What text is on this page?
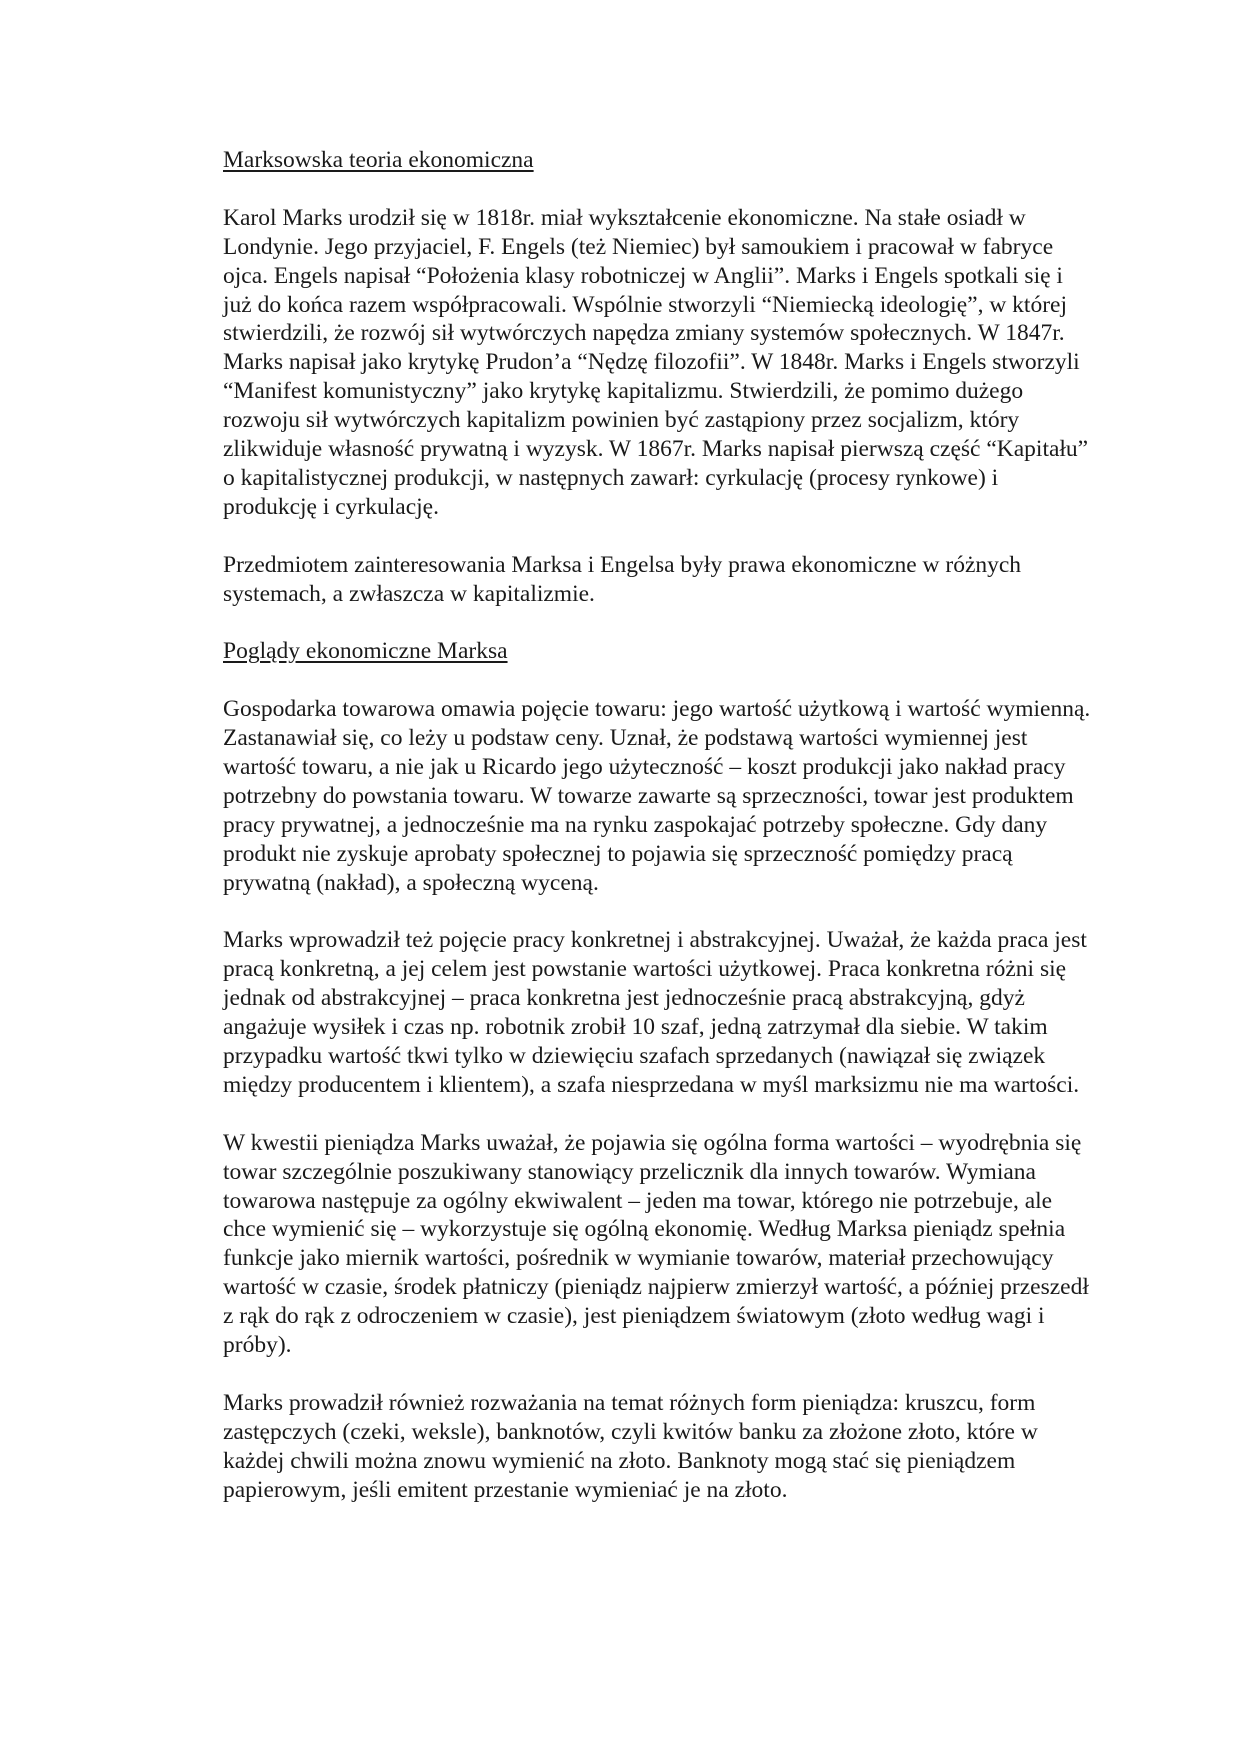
Marksowska teoria ekonomiczna

Karol Marks urodził się w 1818r. miał wykształcenie ekonomiczne. Na stałe osiadł w Londynie. Jego przyjaciel, F. Engels (też Niemiec) był samoukiem i pracował w fabryce ojca. Engels napisał “Położenia klasy robotniczej w Anglii”. Marks i Engels spotkali się i już do końca razem współpracowali. Wspólnie stworzyli “Niemiecką ideologię”, w której stwierdzili, że rozwój sił wytwórczych napędza zmiany systemów społecznych. W 1847r. Marks napisał jako krytykę Prudon’a “Nędzę filozofii”. W 1848r. Marks i Engels stworzyli “Manifest komunistyczny” jako krytykę kapitalizmu. Stwierdzili, że pomimo dużego rozwoju sił wytwórczych kapitalizm powinien być zastąpiony przez socjalizm, który zlikwiduje własność prywatną i wyzysk. W 1867r. Marks napisał pierwszą część “Kapitału” o kapitalistycznej produkcji, w następnych zawarł: cyrkulację (procesy rynkowe) i produkcję i cyrkulację.

Przedmiotem zainteresowania Marksa i Engelsa były prawa ekonomiczne w różnych systemach, a zwłaszcza w kapitalizmie.

Poglądy ekonomiczne Marksa

Gospodarka towarowa omawia pojęcie towaru: jego wartość użytkową i wartość wymienną. Zastanawiał się, co leży u podstaw ceny. Uznał, że podstawą wartości wymiennej jest wartość towaru, a nie jak u Ricardo jego użyteczność – koszt produkcji jako nakład pracy potrzebny do powstania towaru. W towarze zawarte są sprzeczności, towar jest produktem pracy prywatnej, a jednocześnie ma na rynku zaspokajać potrzeby społeczne. Gdy dany produkt nie zyskuje aprobaty społecznej to pojawia się sprzeczność pomiędzy pracą prywatną (nakład), a społeczną wyceną.

Marks wprowadził też pojęcie pracy konkretnej i abstrakcyjnej. Uważał, że każda praca jest pracą konkretną, a jej celem jest powstanie wartości użytkowej. Praca konkretna różni się jednak od abstrakcyjnej – praca konkretna jest jednocześnie pracą abstrakcyjną, gdyż angażuje wysiłek i czas np. robotnik zrobił 10 szaf, jedną zatrzymał dla siebie. W takim przypadku wartość tkwi tylko w dziewięciu szafach sprzedanych (nawiązał się związek między producentem i klientem), a szafa niesprzedana w myśl marksizmu nie ma wartości.

W kwestii pieniądza Marks uważał, że pojawia się ogólna forma wartości – wyodrębnia się towar szczególnie poszukiwany stanowiący przelicznik dla innych towarów. Wymiana towarowa następuje za ogólny ekwiwalent – jeden ma towar, którego nie potrzebuje, ale chce wymienić się – wykorzystuje się ogólną ekonomię. Według Marksa pieniądz spełnia funkcje jako miernik wartości, pośrednik w wymianie towarów, materiał przechowujący wartość w czasie, środek płatniczy (pieniądz najpierw zmierzył wartość, a później przeszedł z rąk do rąk z odroczeniem w czasie), jest pieniądzem światowym (złoto według wagi i próby).

Marks prowadził również rozważania na temat różnych form pieniądza: kruszcu, form zastępczych (czeki, weksle), banknotów, czyli kwitów banku za złożone złoto, które w każdej chwili można znowu wymienić na złoto. Banknoty mogą stać się pieniądzem papierowym, jeśli emitent przestanie wymieniać je na złoto.
